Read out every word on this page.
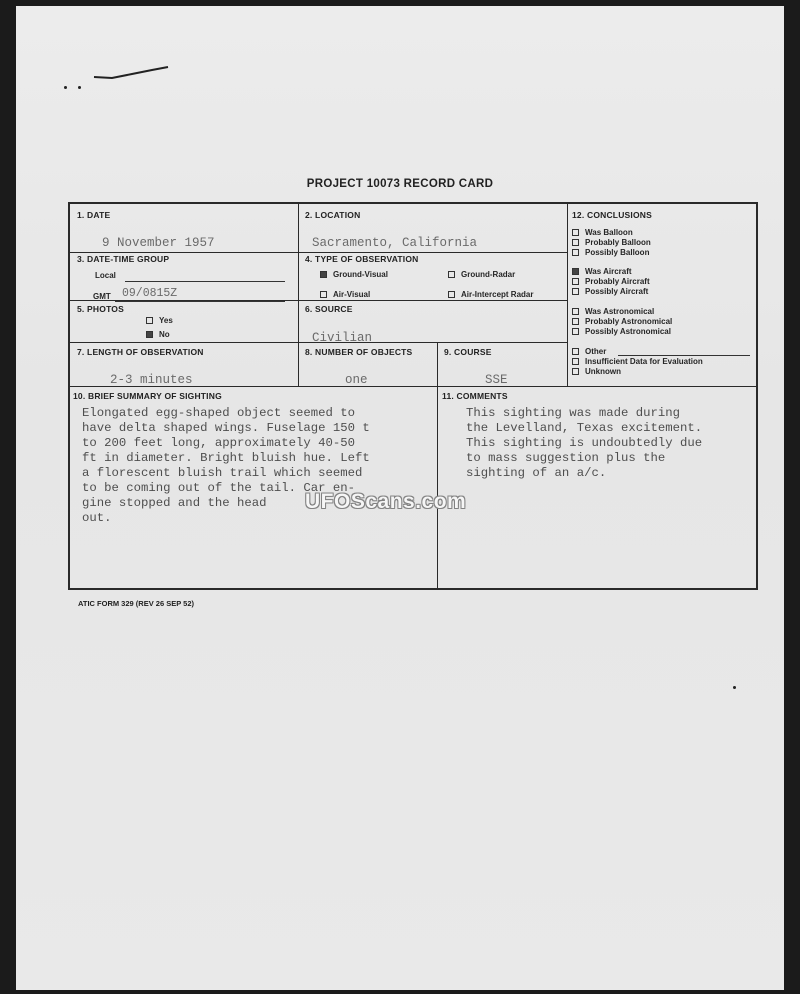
PROJECT 10073 RECORD CARD
1. DATE
9 November 1957
2. LOCATION
Sacramento, California
3. DATE-TIME GROUP
Local
GMT 09/0815Z
4. TYPE OF OBSERVATION
Ground-Visual	Ground-Radar
Air-Visual	Air-Intercept Radar
5. PHOTOS
Yes
No
6. SOURCE
Civilian
7. LENGTH OF OBSERVATION
2-3 minutes
8. NUMBER OF OBJECTS
one
9. COURSE
SSE
10. BRIEF SUMMARY OF SIGHTING
Elongated egg-shaped object seemed to
have delta shaped wings. Fuselage 150 t
to 200 feet long, approximately 40-50
ft in diameter. Bright bluish hue. Left
a florescent bluish trail which seemed
to be coming out of the tail. Car en-
gine stopped and the head
out.
11. COMMENTS
This sighting was made during
the Levelland, Texas excitement.
This sighting is undoubtedly due
to mass suggestion plus the
sighting of an a/c.
12. CONCLUSIONS
Was Balloon
Probably Balloon
Possibly Balloon
Was Aircraft
Probably Aircraft
Possibly Aircraft
Was Astronomical
Probably Astronomical
Possibly Astronomical
Other
Insufficient Data for Evaluation
Unknown
UFOScans.com
ATIC FORM 329 (REV 26 SEP 52)
